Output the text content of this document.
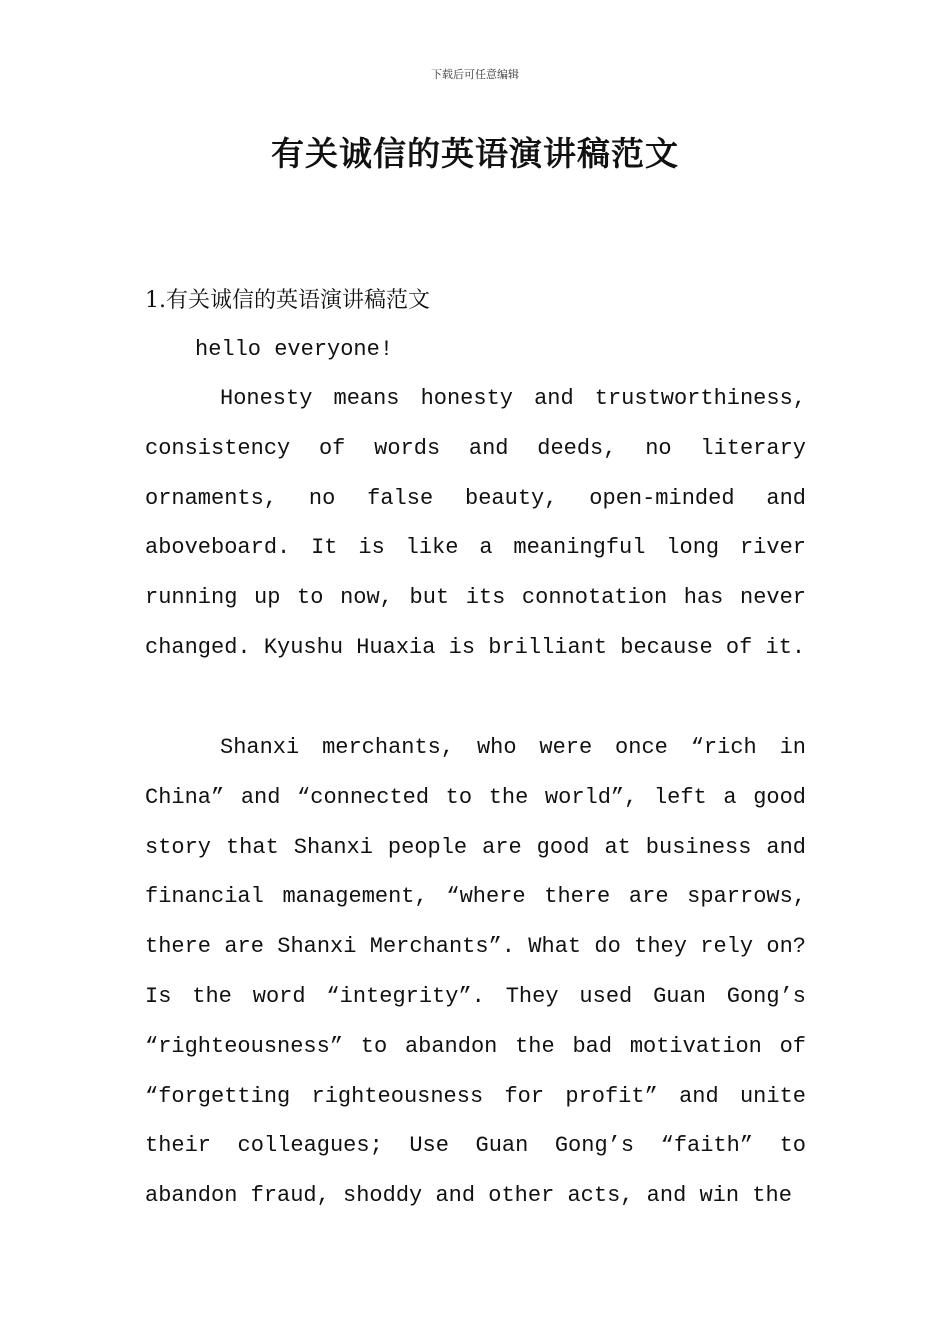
下载后可任意编辑
有关诚信的英语演讲稿范文
1.有关诚信的英语演讲稿范文
hello everyone!

Honesty means honesty and trustworthiness, consistency of words and deeds, no literary ornaments, no false beauty, open-minded and aboveboard. It is like a meaningful long river running up to now, but its connotation has never changed. Kyushu Huaxia is brilliant because of it.

Shanxi merchants, who were once “rich in China” and “connected to the world”, left a good story that Shanxi people are good at business and financial management, “where there are sparrows, there are Shanxi Merchants”. What do they rely on? Is the word “integrity”. They used Guan Gong’s “righteousness” to abandon the bad motivation of “forgetting righteousness for profit” and unite their colleagues; Use Guan Gong’s “faith” to abandon fraud, shoddy and other acts, and win the
